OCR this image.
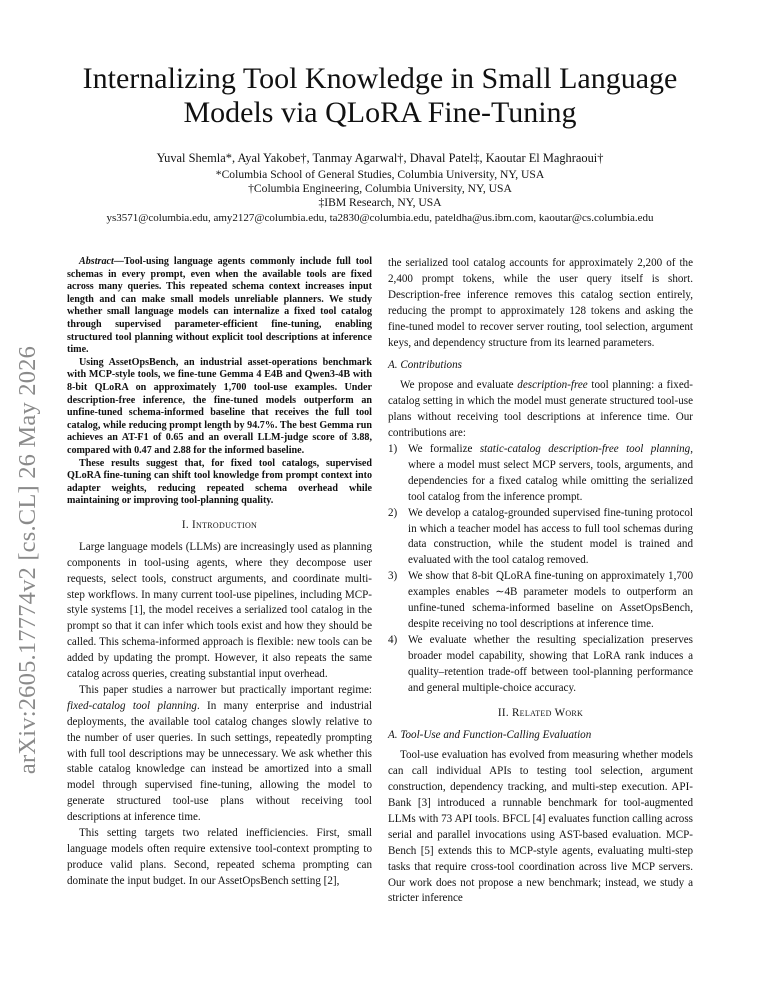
arXiv:2605.17774v2 [cs.CL] 26 May 2026
Internalizing Tool Knowledge in Small Language Models via QLoRA Fine-Tuning
Yuval Shemla*, Ayal Yakobe†, Tanmay Agarwal†, Dhaval Patel‡, Kaoutar El Maghraoui†
*Columbia School of General Studies, Columbia University, NY, USA
†Columbia Engineering, Columbia University, NY, USA
‡IBM Research, NY, USA
ys3571@columbia.edu, amy2127@columbia.edu, ta2830@columbia.edu, pateldha@us.ibm.com, kaoutar@cs.columbia.edu

Abstract—Tool-using language agents commonly include full tool schemas in every prompt, even when the available tools are fixed across many queries. This repeated schema context increases input length and can make small models unreliable planners. We study whether small language models can internalize a fixed tool catalog through supervised parameter-efficient fine-tuning, enabling structured tool planning without explicit tool descriptions at inference time.

Using AssetOpsBench, an industrial asset-operations benchmark with MCP-style tools, we fine-tune Gemma 4 E4B and Qwen3-4B with 8-bit QLoRA on approximately 1,700 tool-use examples. Under description-free inference, the fine-tuned models outperform an unfine-tuned schema-informed baseline that receives the full tool catalog, while reducing prompt length by 94.7%. The best Gemma run achieves an AT-F1 of 0.65 and an overall LLM-judge score of 3.88, compared with 0.47 and 2.88 for the informed baseline.

These results suggest that, for fixed tool catalogs, supervised QLoRA fine-tuning can shift tool knowledge from prompt context into adapter weights, reducing repeated schema overhead while maintaining or improving tool-planning quality.

I. Introduction

Large language models (LLMs) are increasingly used as planning components in tool-using agents, where they decompose user requests, select tools, construct arguments, and coordinate multi-step workflows. In many current tool-use pipelines, including MCP-style systems [1], the model receives a serialized tool catalog in the prompt so that it can infer which tools exist and how they should be called. This schema-informed approach is flexible: new tools can be added by updating the prompt. However, it also repeats the same catalog across queries, creating substantial input overhead.

This paper studies a narrower but practically important regime: fixed-catalog tool planning. In many enterprise and industrial deployments, the available tool catalog changes slowly relative to the number of user queries. In such settings, repeatedly prompting with full tool descriptions may be unnecessary. We ask whether this stable catalog knowledge can instead be amortized into a small model through supervised fine-tuning, allowing the model to generate structured tool-use plans without receiving tool descriptions at inference time.

This setting targets two related inefficiencies. First, small language models often require extensive tool-context prompting to produce valid plans. Second, repeated schema prompting can dominate the input budget. In our AssetOpsBench setting [2],

the serialized tool catalog accounts for approximately 2,200 of the 2,400 prompt tokens, while the user query itself is short. Description-free inference removes this catalog section entirely, reducing the prompt to approximately 128 tokens and asking the fine-tuned model to recover server routing, tool selection, argument keys, and dependency structure from its learned parameters.

A. Contributions

We propose and evaluate description-free tool planning: a fixed-catalog setting in which the model must generate structured tool-use plans without receiving tool descriptions at inference time. Our contributions are:

1) We formalize static-catalog description-free tool planning, where a model must select MCP servers, tools, arguments, and dependencies for a fixed catalog while omitting the serialized tool catalog from the inference prompt.
2) We develop a catalog-grounded supervised fine-tuning protocol in which a teacher model has access to full tool schemas during data construction, while the student model is trained and evaluated with the tool catalog removed.
3) We show that 8-bit QLoRA fine-tuning on approximately 1,700 examples enables ∼4B parameter models to outperform an unfine-tuned schema-informed baseline on AssetOpsBench, despite receiving no tool descriptions at inference time.
4) We evaluate whether the resulting specialization preserves broader model capability, showing that LoRA rank induces a quality–retention trade-off between tool-planning performance and general multiple-choice accuracy.
II. Related Work
A. Tool-Use and Function-Calling Evaluation

Tool-use evaluation has evolved from measuring whether models can call individual APIs to testing tool selection, argument construction, dependency tracking, and multi-step execution. API-Bank [3] introduced a runnable benchmark for tool-augmented LLMs with 73 API tools. BFCL [4] evaluates function calling across serial and parallel invocations using AST-based evaluation. MCP-Bench [5] extends this to MCP-style agents, evaluating multi-step tasks that require cross-tool coordination across live MCP servers. Our work does not propose a new benchmark; instead, we study a stricter inference
